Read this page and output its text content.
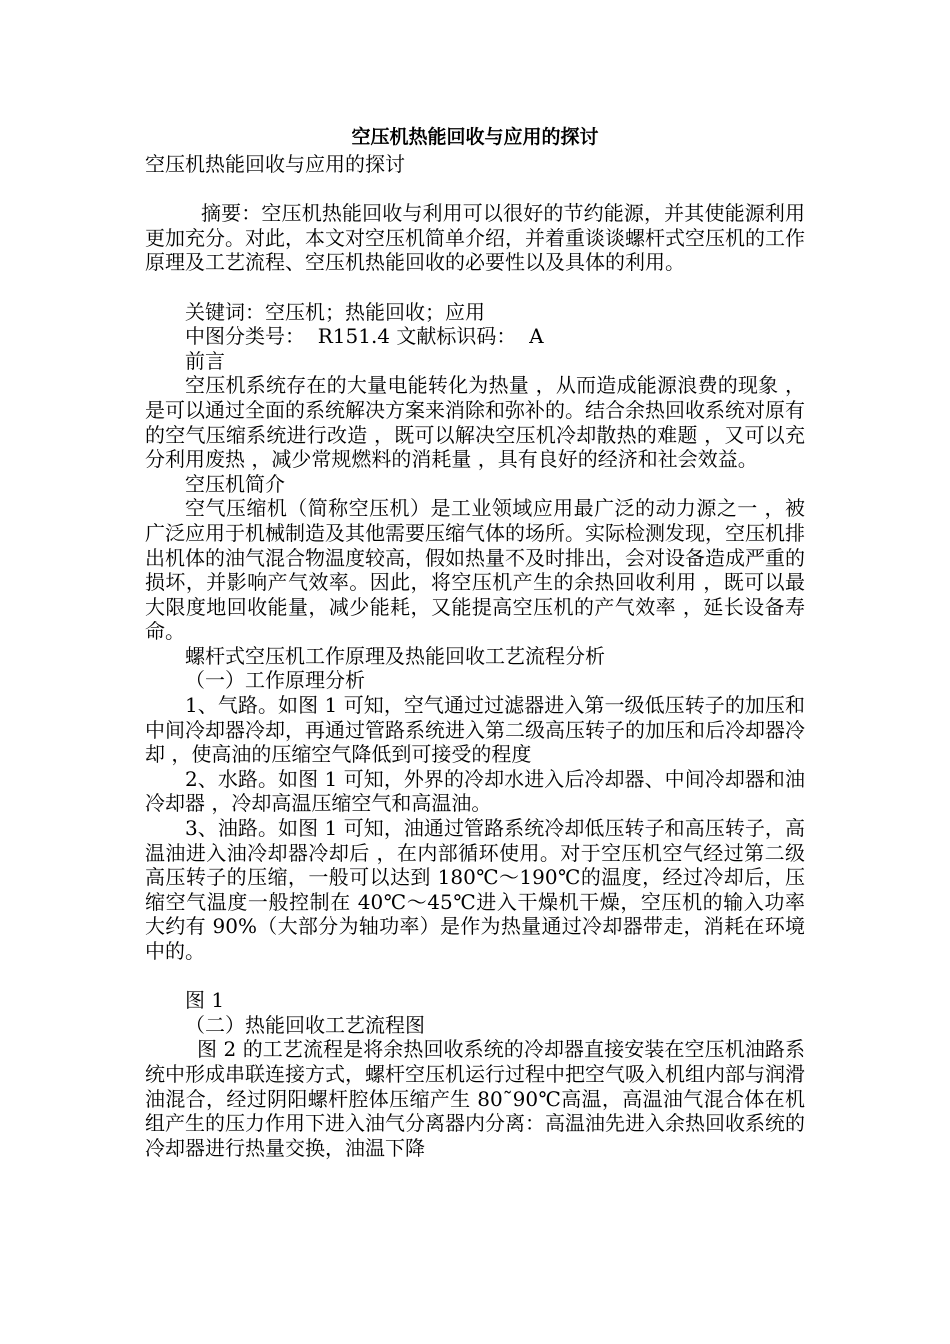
空压机热能回收与应用的探讨

空压机热能回收与应用的探讨

摘要：空压机热能回收与利用可以很好的节约能源，并其使能源利用更加充分。对此，本文对空压机简单介绍，并着重谈谈螺杆式空压机的工作原理及工艺流程、空压机热能回收的必要性以及具体的利用。

关键词：空压机；热能回收；应用

中图分类号：  R151.4 文献标识码：  A

前言

空压机系统存在的大量电能转化为热量 ，从而造成能源浪费的现象 ，是可以通过全面的系统解决方案来消除和弥补的。结合余热回收系统对原有的空气压缩系统进行改造 ，既可以解决空压机冷却散热的难题 ，又可以充分利用废热 ，减少常规燃料的消耗量 ，具有良好的经济和社会效益。

空压机简介

空气压缩机（简称空压机）是工业领域应用最广泛的动力源之一 ，被广泛应用于机械制造及其他需要压缩气体的场所。实际检测发现，空压机排出机体的油气混合物温度较高，假如热量不及时排出，会对设备造成严重的损坏，并影响产气效率。因此，将空压机产生的余热回收利用 ，既可以最大限度地回收能量，减少能耗，又能提高空压机的产气效率 ，延长设备寿命。

螺杆式空压机工作原理及热能回收工艺流程分析

（一）工作原理分析

1、气路。如图 1 可知，空气通过过滤器进入第一级低压转子的加压和中间冷却器冷却，再通过管路系统进入第二级高压转子的加压和后冷却器冷却 ，使高油的压缩空气降低到可接受的程度

2、水路。如图 1 可知，外界的冷却水进入后冷却器、中间冷却器和油冷却器 ，冷却高温压缩空气和高温油。

3、油路。如图 1 可知，油通过管路系统冷却低压转子和高压转子，高温油进入油冷却器冷却后 ，在内部循环使用。对于空压机空气经过第二级高压转子的压缩，一般可以达到 180℃～190℃的温度，经过冷却后，压缩空气温度一般控制在 40℃～45℃进入干燥机干燥，空压机的输入功率大约有 90%（大部分为轴功率）是作为热量通过冷却器带走，消耗在环境中的。

图 1

（二）热能回收工艺流程图

图 2 的工艺流程是将余热回收系统的冷却器直接安装在空压机油路系统中形成串联连接方式，螺杆空压机运行过程中把空气吸入机组内部与润滑油混合，经过阴阳螺杆腔体压缩产生 80˜90℃高温，高温油气混合体在机组产生的压力作用下进入油气分离器内分离：高温油先进入余热回收系统的冷却器进行热量交换，油温下降
